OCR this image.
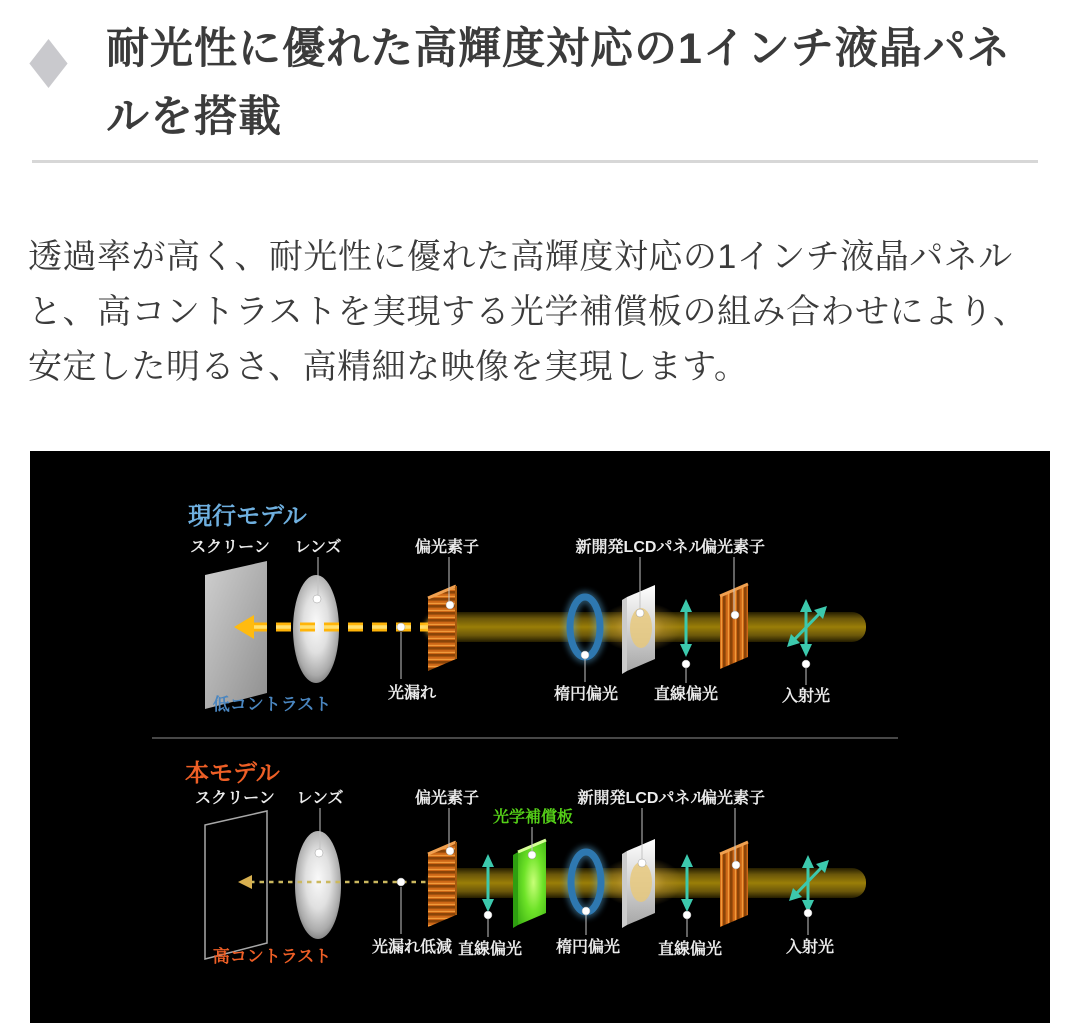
耐光性に優れた高輝度対応の1インチ液晶パネ
ルを搭載
透過率が高く、耐光性に優れた高輝度対応の1インチ液晶パネル
と、高コントラストを実現する光学補償板の組み合わせにより、
安定した明るさ、高精細な映像を実現します。
現行モデル
スクリーン レンズ	偏光素子	新開発LCDパネル
偏光素子
低コントラスト
光漏れ	楕円偏光 直線偏光	入射光
本モデル
スクリーン レンズ	偏光素子
光学補償板
新開発LCDパネル
偏光素子
高コントラスト	光漏れ低減 直線偏光 楕円偏光 直線偏光	入射光
